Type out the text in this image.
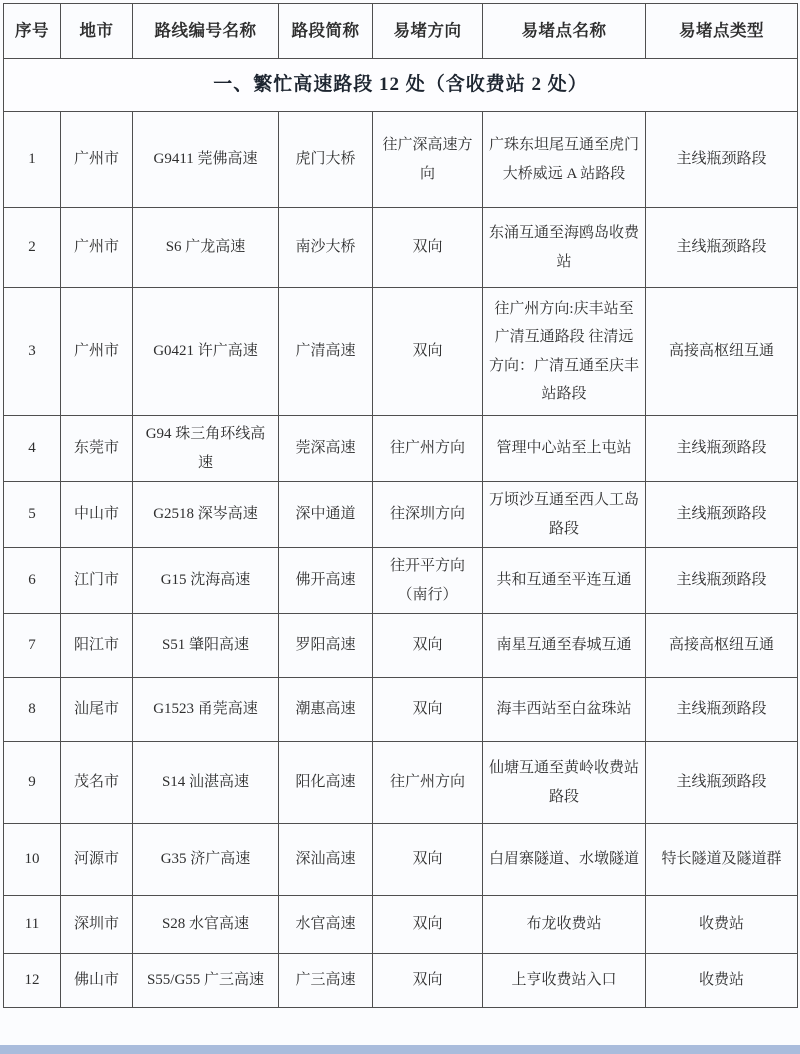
序号	地市	路线编号名称	路段简称	易堵方向	易堵点名称	易堵点类型
一、繁忙高速路段 12 处（含收费站 2 处）						
1	广州市	G9411 莞佛高速	虎门大桥	往广深高速方向	广珠东坦尾互通至虎门大桥威远 A 站路段	主线瓶颈路段
2	广州市	S6 广龙高速	南沙大桥	双向	东涌互通至海鸥岛收费站	主线瓶颈路段
3	广州市	G0421 许广高速	广清高速	双向	往广州方向:庆丰站至广清互通路段 往清远方向：广清互通至庆丰站路段	高接高枢纽互通
4	东莞市	G94 珠三角环线高速	莞深高速	往广州方向	管理中心站至上屯站	主线瓶颈路段
5	中山市	G2518 深岑高速	深中通道	往深圳方向	万顷沙互通至西人工岛路段	主线瓶颈路段
6	江门市	G15 沈海高速	佛开高速	往开平方向 （南行）	共和互通至平连互通	主线瓶颈路段
7	阳江市	S51 肇阳高速	罗阳高速	双向	南星互通至春城互通	高接高枢纽互通
8	汕尾市	G1523 甬莞高速	潮惠高速	双向	海丰西站至白盆珠站	主线瓶颈路段
9	茂名市	S14 汕湛高速	阳化高速	往广州方向	仙塘互通至黄岭收费站路段	主线瓶颈路段
10	河源市	G35 济广高速	深汕高速	双向	白眉寨隧道、水墩隧道	特长隧道及隧道群
11	深圳市	S28 水官高速	水官高速	双向	布龙收费站	收费站
12	佛山市	S55/G55 广三高速	广三高速	双向	上亨收费站入口	收费站
